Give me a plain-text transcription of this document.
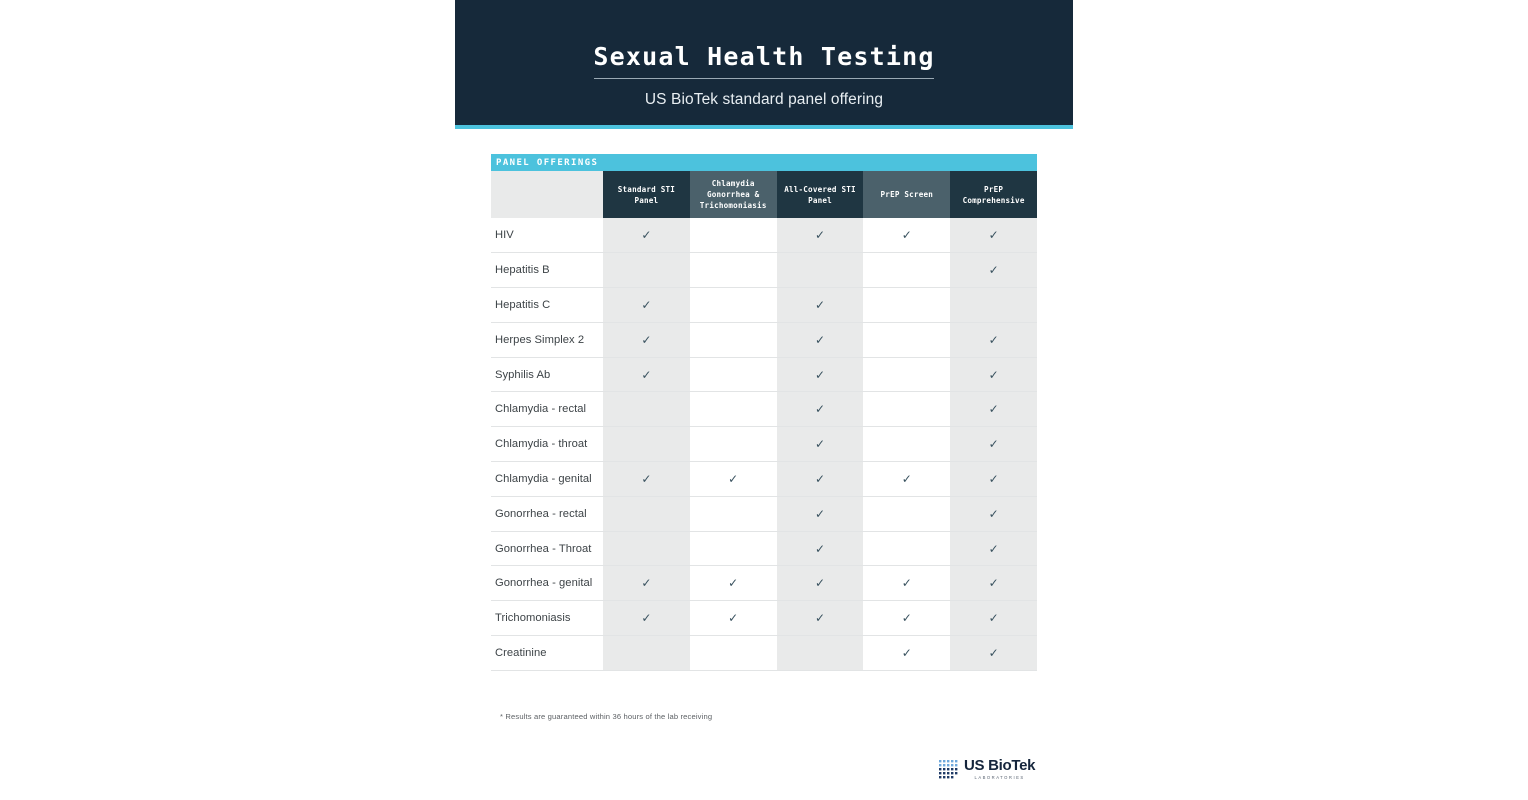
Sexual Health Testing
US BioTek standard panel offering
PANEL OFFERINGS
	Standard STI Panel	Chlamydia Gonorrhea & Trichomoniasis	All-Covered STI Panel	PrEP Screen	PrEP Comprehensive
HIV	✓		✓	✓	✓
Hepatitis B					✓
Hepatitis C	✓		✓		
Herpes Simplex 2	✓		✓		✓
Syphilis Ab	✓		✓		✓
Chlamydia - rectal			✓		✓
Chlamydia - throat			✓		✓
Chlamydia - genital	✓	✓	✓	✓	✓
Gonorrhea - rectal			✓		✓
Gonorrhea - Throat			✓		✓
Gonorrhea - genital	✓	✓	✓	✓	✓
Trichomoniasis	✓	✓	✓	✓	✓
Creatinine				✓	✓
* Results are guaranteed within 36 hours of the lab receiving
US BioTek
LABORATORIES
